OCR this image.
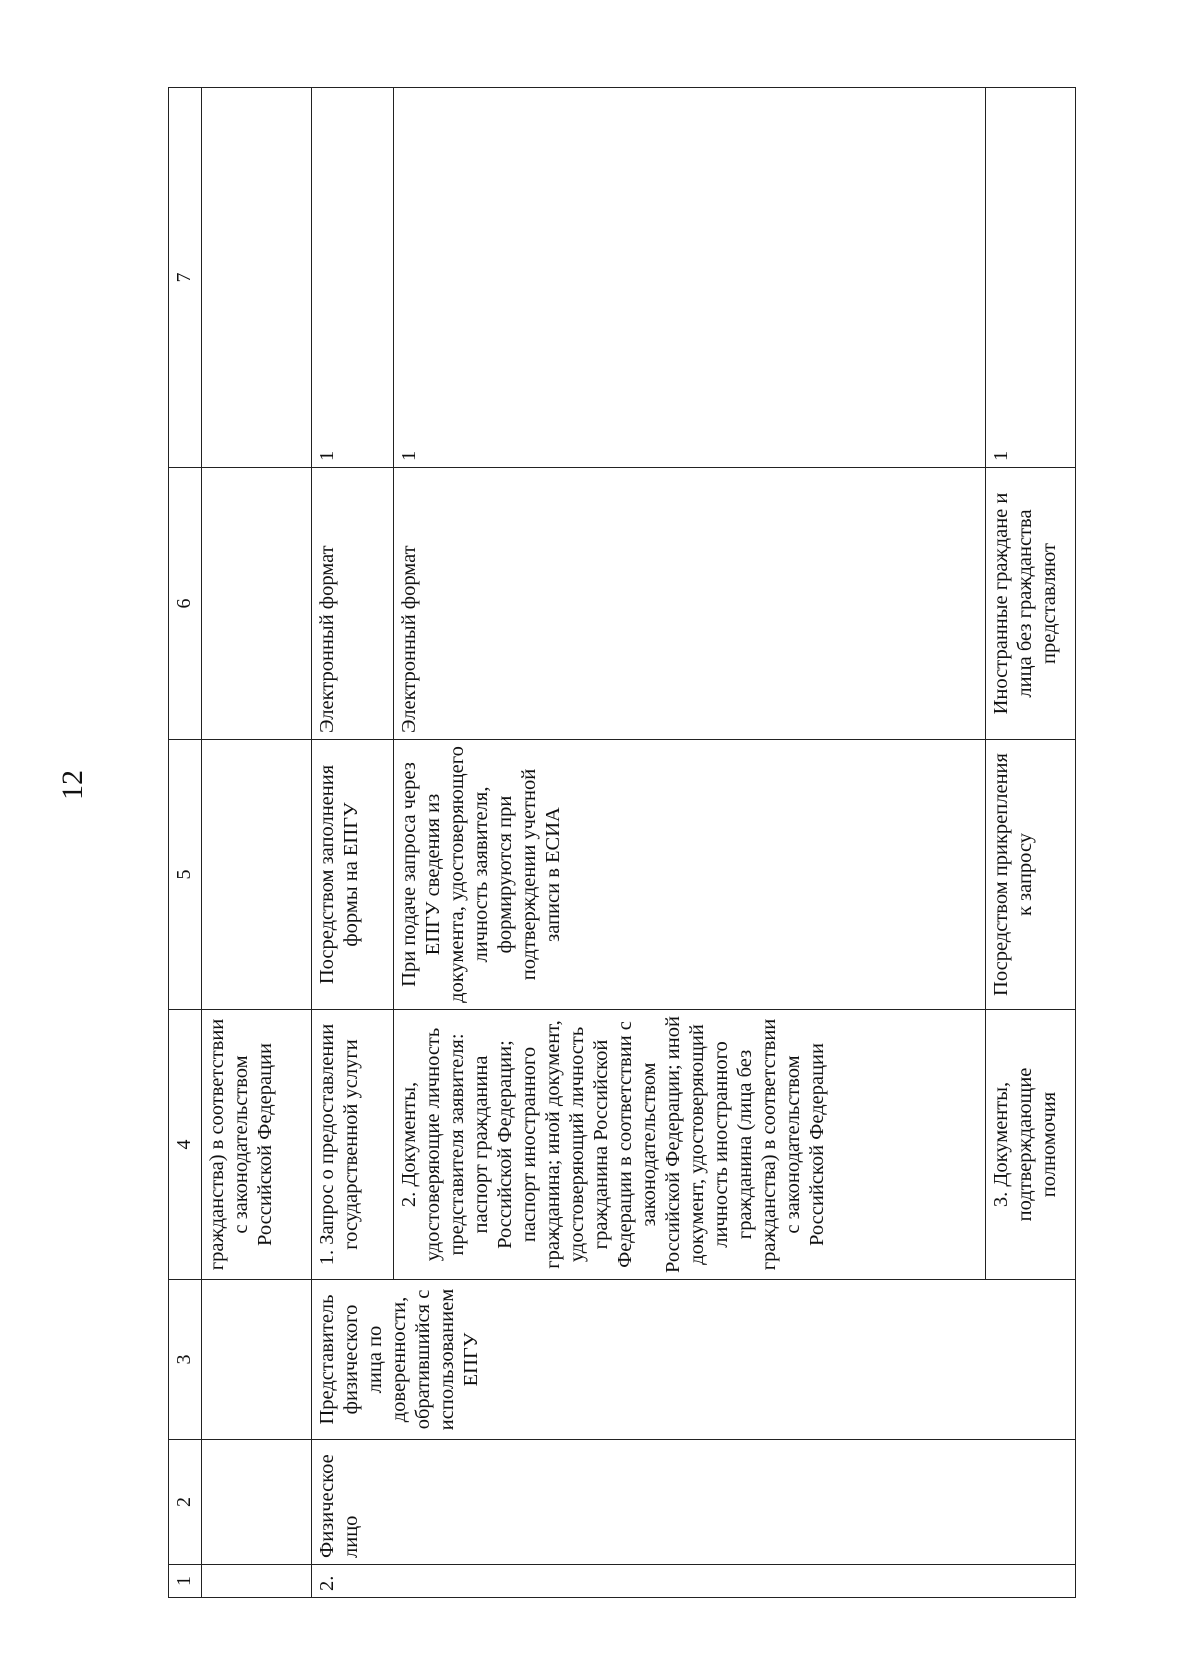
12
1	2	3	4	5	6	7
			гражданства) в соответствии с законодательством Российской Федерации			
2.	Физическое лицо	Представитель физического лица по доверенности, обратившийся с использованием ЕПГУ	1. Запрос о предоставлении государственной услуги	Посредством заполнения формы на ЕПГУ	Электронный формат	1
			2. Документы, удостоверяющие личность представителя заявителя: паспорт гражданина Российской Федерации; паспорт иностранного гражданина; иной документ, удостоверяющий личность гражданина Российской Федерации в соответствии с законодательством Российской Федерации; иной документ, удостоверяющий личность иностранного гражданина (лица без гражданства) в соответствии с законодательством Российской Федерации	При подаче запроса через ЕПГУ сведения из документа, удостоверяющего личность заявителя, формируются при подтверждении учетной записи в ЕСИА	Электронный формат	1
			3. Документы, подтверждающие полномочия	Посредством прикрепления к запросу	Иностранные граждане и лица без гражданства представляют	1
